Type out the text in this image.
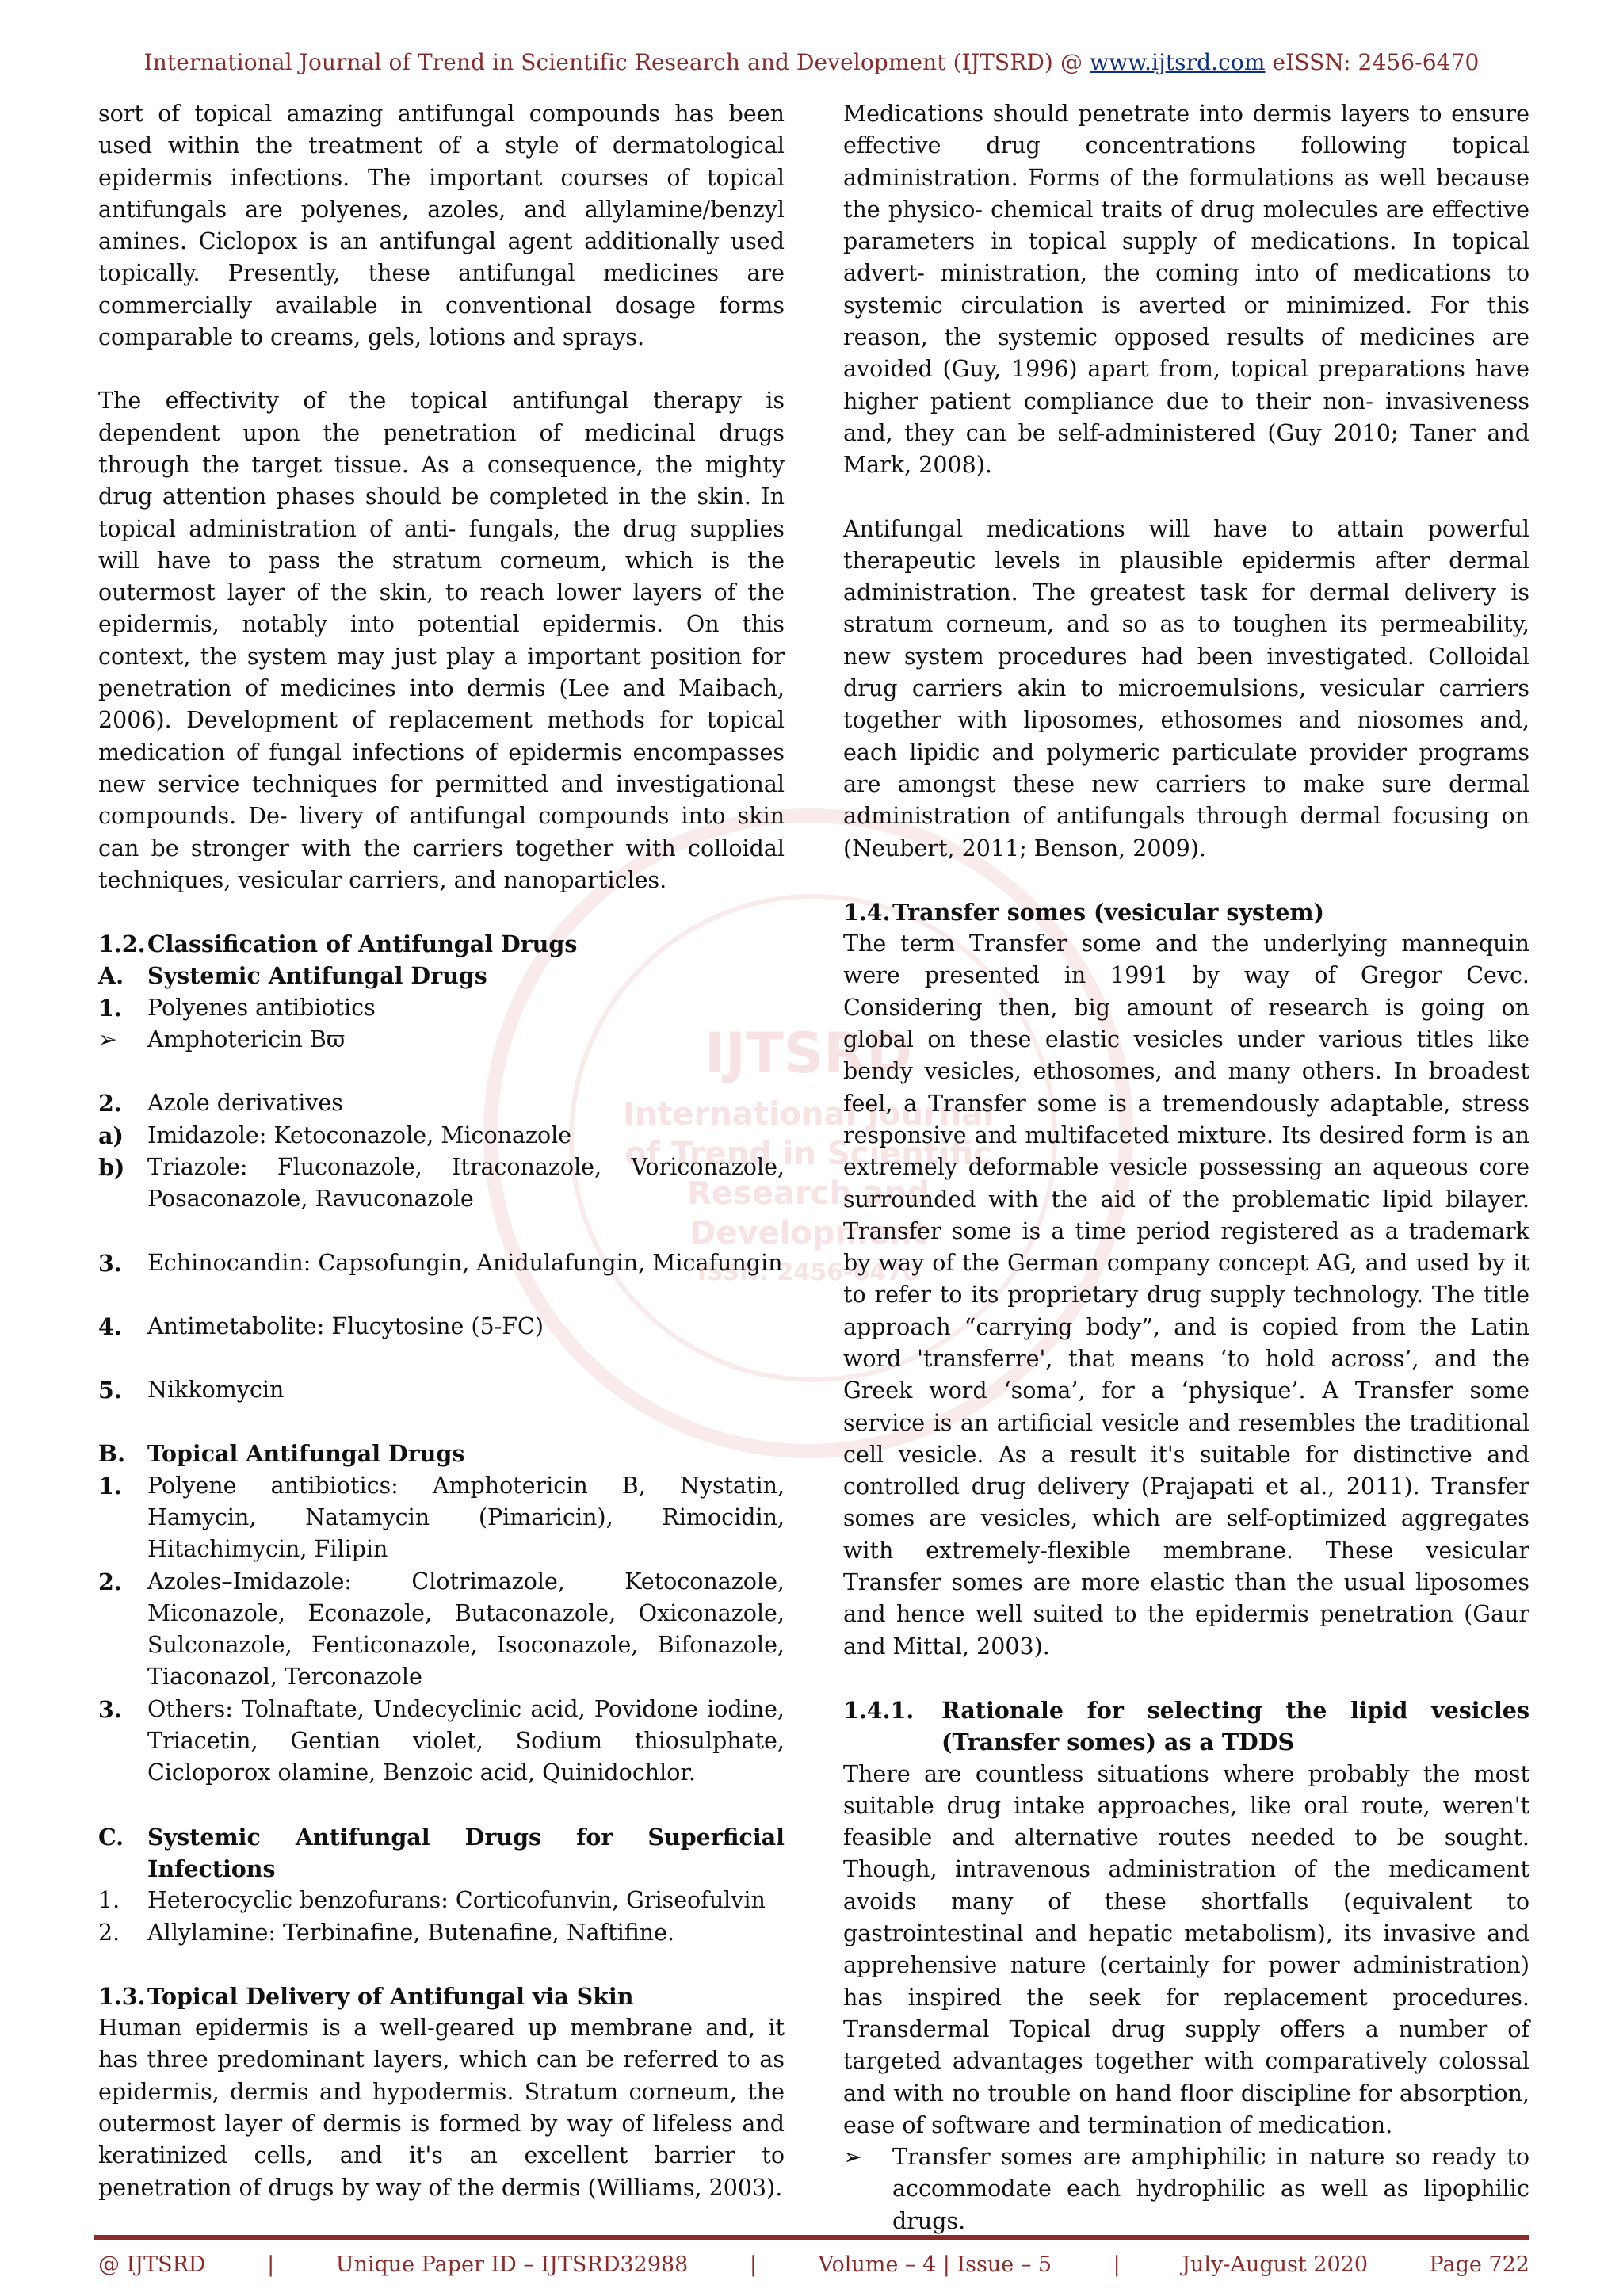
International Journal of Trend in Scientific Research and Development (IJTSRD) @ www.ijtsrd.com eISSN: 2456-6470
IJTSRD
International Journal
of Trend in Scientific
Research and
Development
ISSN: 2456-6470

sort of topical amazing antifungal compounds has been used within the treatment of a style of dermatological epidermis infections. The important courses of topical antifungals are polyenes, azoles, and allylamine/benzyl amines. Ciclopox is an antifungal agent additionally used topically. Presently, these antifungal medicines are commercially available in conventional dosage forms comparable to creams, gels, lotions and sprays.

The effectivity of the topical antifungal therapy is dependent upon the penetration of medicinal drugs through the target tissue. As a consequence, the mighty drug attention phases should be completed in the skin. In topical administration of anti- fungals, the drug supplies will have to pass the stratum corneum, which is the outermost layer of the skin, to reach lower layers of the epidermis, notably into potential epidermis. On this context, the system may just play a important position for penetration of medicines into dermis (Lee and Maibach, 2006). Development of replacement methods for topical medication of fungal infections of epidermis encompasses new service techniques for permitted and investigational compounds. De- livery of antifungal compounds into skin can be stronger with the carriers together with colloidal techniques, vesicular carriers, and nanoparticles.

1.2.Classification of Antifungal Drugs
A.	Systemic Antifungal Drugs
1.	Polyenes antibiotics
➢	Amphotericin Bϖ
2.	Azole derivatives
a)	Imidazole: Ketoconazole, Miconazole
b)	Triazole: Fluconazole, Itraconazole, Voriconazole, Posaconazole, Ravuconazole
3.	Echinocandin: Capsofungin, Anidulafungin, Micafungin
4.	Antimetabolite: Flucytosine (5-FC)
5.	Nikkomycin
B. Topical Antifungal Drugs
1.	Polyene antibiotics: Amphotericin B, Nystatin, Hamycin, Natamycin (Pimaricin), Rimocidin, Hitachimycin, Filipin
2.	Azoles–Imidazole: Clotrimazole, Ketoconazole, Miconazole, Econazole, Butaconazole, Oxiconazole, Sulconazole, Fenticonazole, Isoconazole, Bifonazole, Tiaconazol, Terconazole
3.	Others: Tolnaftate, Undecyclinic acid, Povidone iodine, Triacetin, Gentian violet, Sodium thiosulphate, Cicloporox olamine, Benzoic acid, Quinidochlor.
C.	Systemic Antifungal Drugs for Superficial Infections
1.	Heterocyclic benzofurans: Corticofunvin, Griseofulvin
2.	Allylamine: Terbinafine, Butenafine, Naftifine.
1.3.Topical Delivery of Antifungal via Skin

Human epidermis is a well-geared up membrane and, it has three predominant layers, which can be referred to as epidermis, dermis and hypodermis. Stratum corneum, the outermost layer of dermis is formed by way of lifeless and keratinized cells, and it's an excellent barrier to penetration of drugs by way of the dermis (Williams, 2003).

Medications should penetrate into dermis layers to ensure effective drug concentrations following topical administration. Forms of the formulations as well because the physico- chemical traits of drug molecules are effective parameters in topical supply of medications. In topical advert- ministration, the coming into of medications to systemic circulation is averted or minimized. For this reason, the systemic opposed results of medicines are avoided (Guy, 1996) apart from, topical preparations have higher patient compliance due to their non- invasiveness and, they can be self-administered (Guy 2010; Taner and Mark, 2008).

Antifungal medications will have to attain powerful therapeutic levels in plausible epidermis after dermal administration. The greatest task for dermal delivery is stratum corneum, and so as to toughen its permeability, new system procedures had been investigated. Colloidal drug carriers akin to microemulsions, vesicular carriers together with liposomes, ethosomes and niosomes and, each lipidic and polymeric particulate provider programs are amongst these new carriers to make sure dermal administration of antifungals through dermal focusing on (Neubert, 2011; Benson, 2009).

1.4.Transfer somes (vesicular system)

The term Transfer some and the underlying mannequin were presented in 1991 by way of Gregor Cevc. Considering then, big amount of research is going on global on these elastic vesicles under various titles like bendy vesicles, ethosomes, and many others. In broadest feel, a Transfer some is a tremendously adaptable, stress responsive and multifaceted mixture. Its desired form is an extremely deformable vesicle possessing an aqueous core surrounded with the aid of the problematic lipid bilayer. Transfer some is a time period registered as a trademark by way of the German company concept AG, and used by it to refer to its proprietary drug supply technology. The title approach “carrying body”, and is copied from the Latin word 'transferre', that means ‘to hold across’, and the Greek word ‘soma’, for a ‘physique’. A Transfer some service is an artificial vesicle and resembles the traditional cell vesicle. As a result it's suitable for distinctive and controlled drug delivery (Prajapati et al., 2011). Transfer somes are vesicles, which are self-optimized aggregates with extremely-flexible membrane. These vesicular Transfer somes are more elastic than the usual liposomes and hence well suited to the epidermis penetration (Gaur and Mittal, 2003).

1.4.1.	Rationale for selecting the lipid vesicles (Transfer somes) as a TDDS

There are countless situations where probably the most suitable drug intake approaches, like oral route, weren't feasible and alternative routes needed to be sought. Though, intravenous administration of the medicament avoids many of these shortfalls (equivalent to gastrointestinal and hepatic metabolism), its invasive and apprehensive nature (certainly for power administration) has inspired the seek for replacement procedures. Transdermal Topical drug supply offers a number of targeted advantages together with comparatively colossal and with no trouble on hand floor discipline for absorption, ease of software and termination of medication.

➢	Transfer somes are amphiphilic in nature so ready to accommodate each hydrophilic as well as lipophilic drugs.
@ IJTSRD	|	Unique Paper ID – IJTSRD32988	|	Volume – 4 | Issue – 5	|	July-August 2020	Page 722
